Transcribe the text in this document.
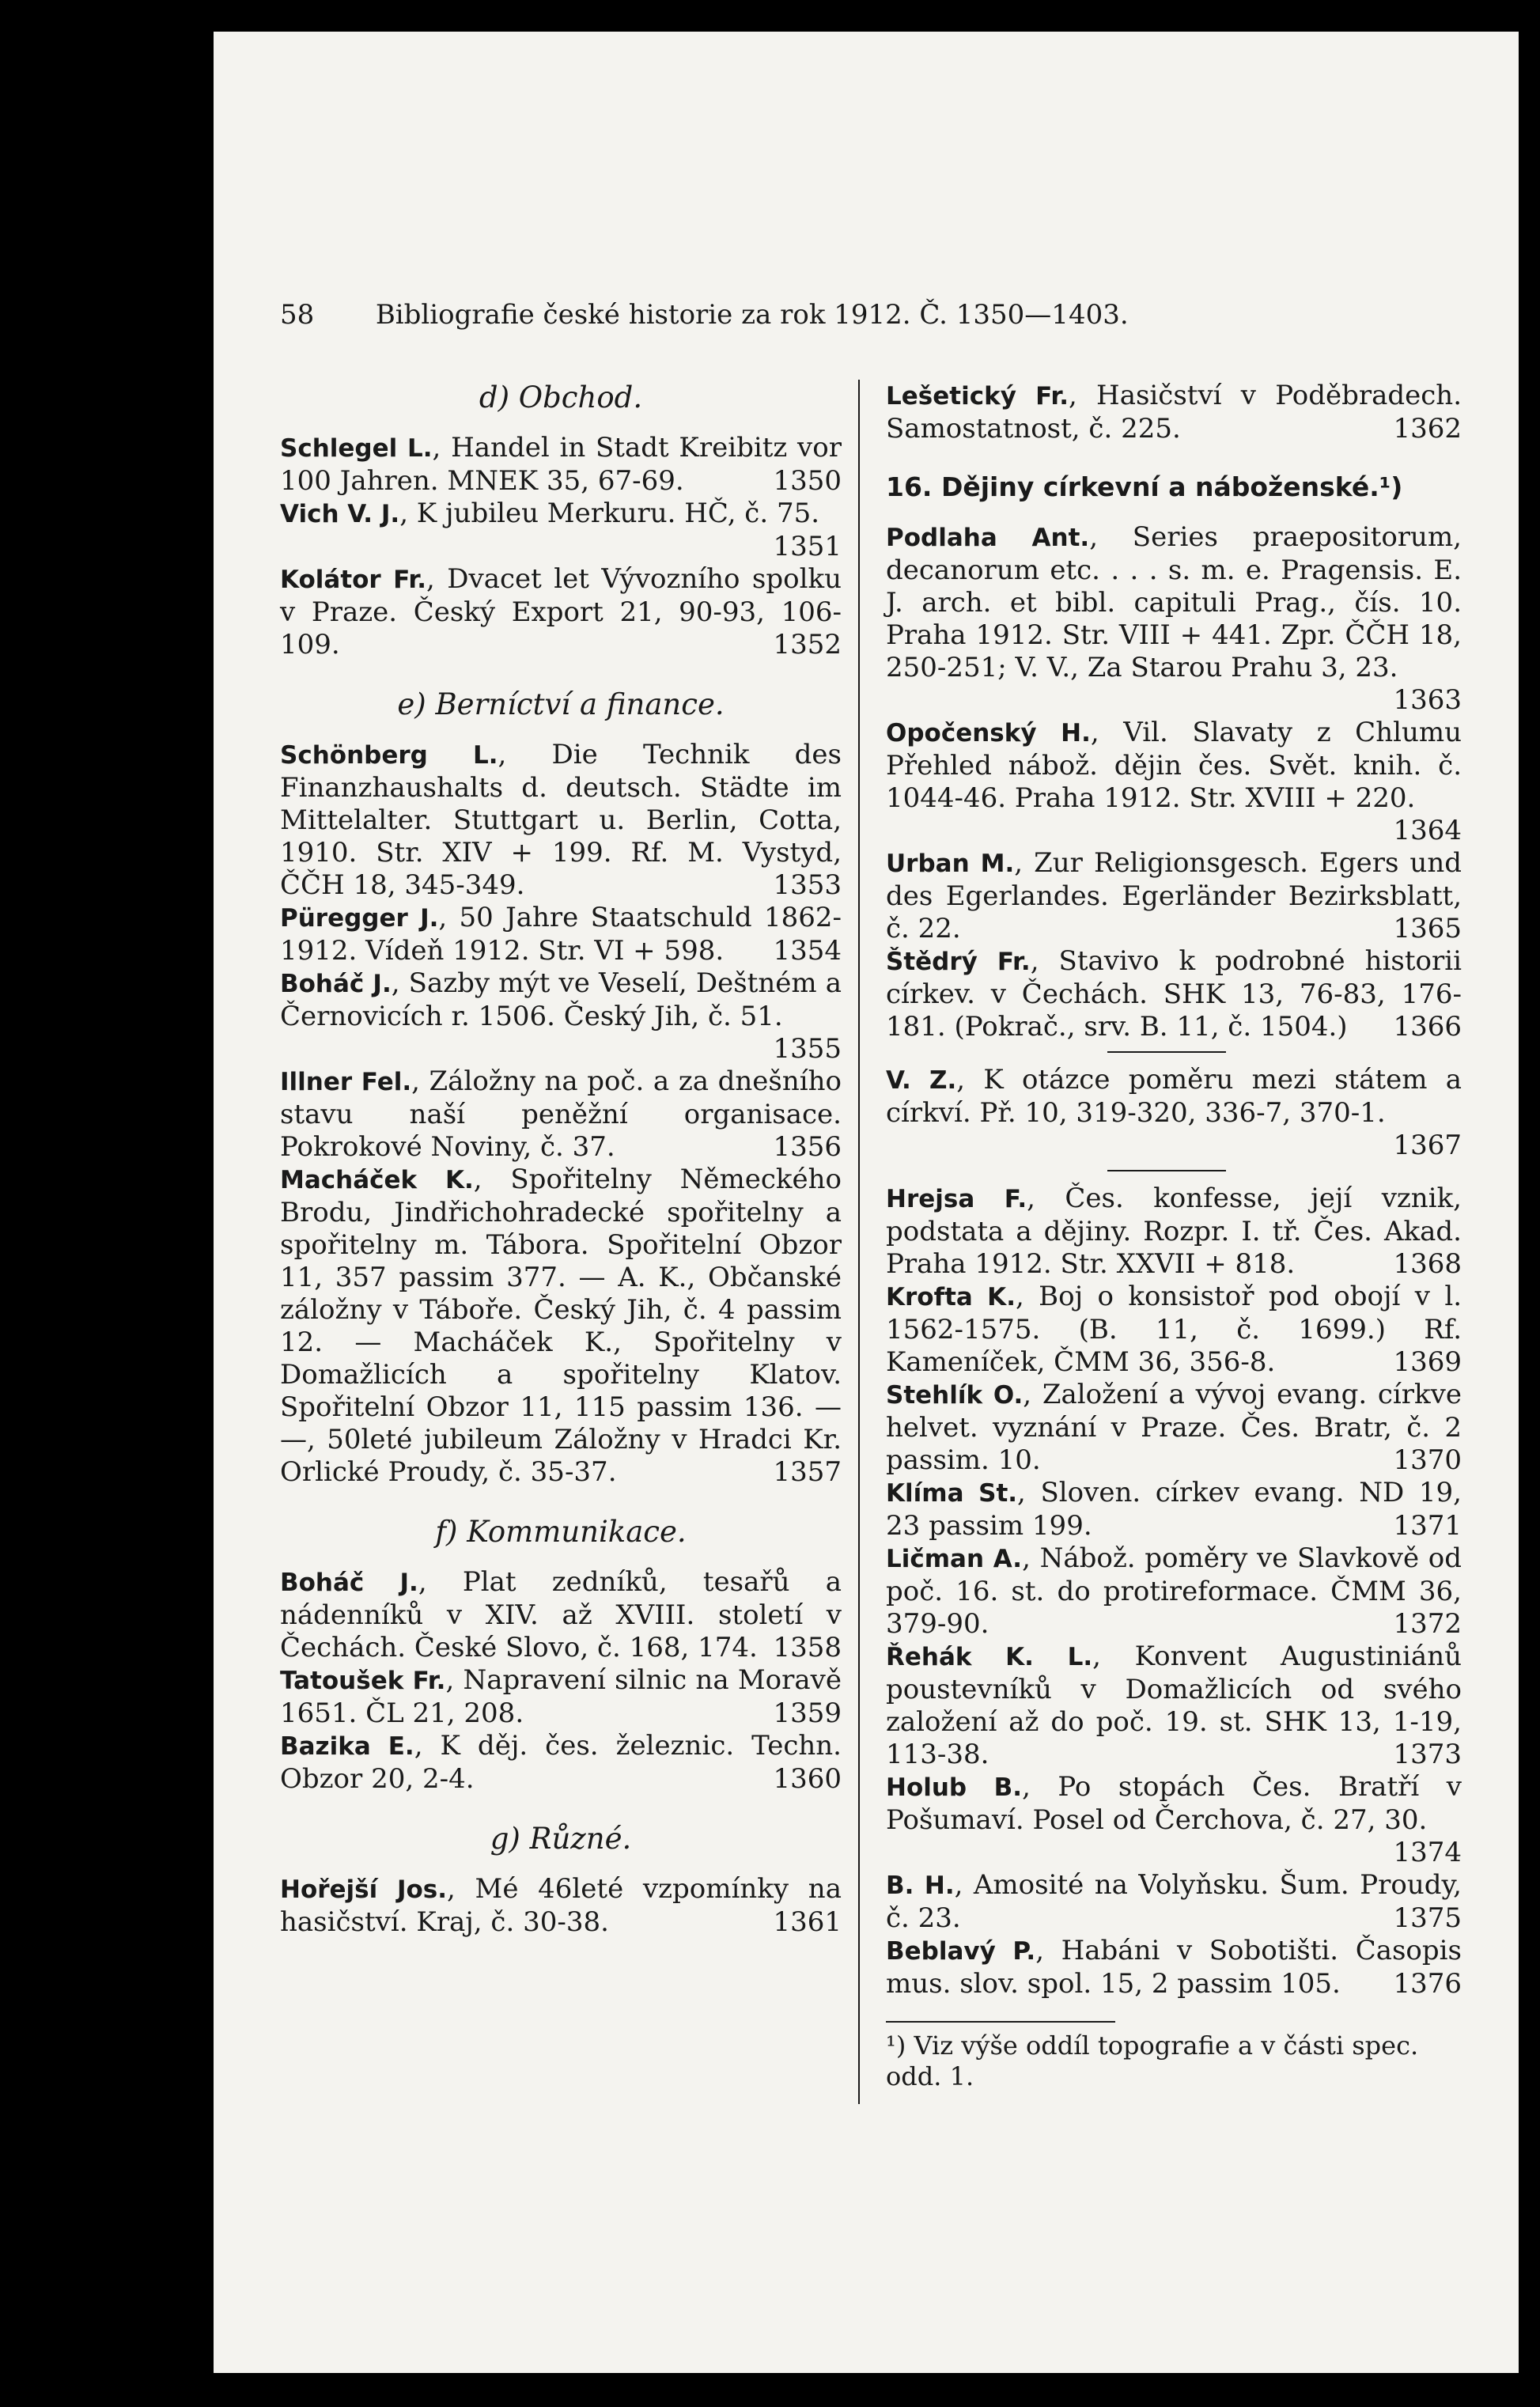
58 Bibliografie české historie za rok 1912. Č. 1350—1403.
d) Obchod.
Schlegel L., Handel in Stadt Kreibitz vor 100 Jahren. MNEK 35, 67-69.	1350
Vich V. J., K jubileu Merkuru. HČ, č. 75.
1351
Kolátor Fr., Dvacet let Vývozního spolku v Praze. Český Export 21, 90-93, 106-109.	1352
e) Berníctví a finance.
Schönberg L., Die Technik des Finanzhaushalts d. deutsch. Städte im Mittelalter. Stuttgart u. Berlin, Cotta, 1910. Str. XIV + 199. Rf. M. Vystyd, ČČH 18, 345-349.	1353
Püregger J., 50 Jahre Staatschuld 1862-1912. Vídeň 1912. Str. VI + 598. 1354
Boháč J., Sazby mýt ve Veselí, Deštném a Černovicích r. 1506. Český Jih, č. 51.
1355
Illner Fel., Záložny na poč. a za dnešního stavu naší peněžní organisace. Pokrokové Noviny, č. 37.	1356
Macháček K., Spořitelny Německého Brodu, Jindřichohradecké spořitelny a spořitelny m. Tábora. Spořitelní Obzor 11, 357 passim 377. — A. K., Občanské záložny v Táboře. Český Jih, č. 4 passim 12. — Macháček K., Spořitelny v Domažlicích a spořitelny Klatov. Spořitelní Obzor 11, 115 passim 136. — —, 50leté jubileum Záložny v Hradci Kr. Orlické Proudy, č. 35-37.	1357
f) Kommunikace.
Boháč J., Plat zedníků, tesařů a nádenníků v XIV. až XVIII. století v Čechách. České Slovo, č. 168, 174. 1358
Tatoušek Fr., Napravení silnic na Moravě 1651. ČL 21, 208.	1359
Bazika E., K děj. čes. železnic. Techn. Obzor 20, 2-4.	1360
g) Různé.
Hořejší Jos., Mé 46leté vzpomínky na hasičství. Kraj, č. 30-38.	1361
Lešetický Fr., Hasičství v Poděbradech. Samostatnost, č. 225.	1362
16. Dějiny církevní a náboženské.¹)
Podlaha Ant., Series praepositorum, decanorum etc. . . . s. m. e. Pragensis. E. J. arch. et bibl. capituli Prag., čís. 10. Praha 1912. Str. VIII + 441. Zpr. ČČH 18, 250-251; V. V., Za Starou Prahu 3, 23.
1363
Opočenský H., Vil. Slavaty z Chlumu Přehled nábož. dějin čes. Svět. knih. č. 1044-46. Praha 1912. Str. XVIII + 220.
1364
Urban M., Zur Religionsgesch. Egers und des Egerlandes. Egerländer Bezirksblatt, č. 22.	1365
Štědrý Fr., Stavivo k podrobné historii církev. v Čechách. SHK 13, 76-83, 176-181. (Pokrač., srv. B. 11, č. 1504.) 1366
V. Z., K otázce poměru mezi státem a církví. Př. 10, 319-320, 336-7, 370-1.
1367
Hrejsa F., Čes. konfesse, její vznik, podstata a dějiny. Rozpr. I. tř. Čes. Akad. Praha 1912. Str. XXVII + 818.	1368
Krofta K., Boj o konsistoř pod obojí v l. 1562-1575. (B. 11, č. 1699.) Rf. Kameníček, ČMM 36, 356-8.	1369
Stehlík O., Založení a vývoj evang. církve helvet. vyznání v Praze. Čes. Bratr, č. 2 passim. 10.	1370
Klíma St., Sloven. církev evang. ND 19, 23 passim 199.	1371
Ličman A., Nábož. poměry ve Slavkově od poč. 16. st. do protireformace. ČMM 36, 379-90.	1372
Řehák K. L., Konvent Augustiniánů poustevníků v Domažlicích od svého založení až do poč. 19. st. SHK 13, 1-19, 113-38.	1373
Holub B., Po stopách Čes. Bratří v Pošumaví. Posel od Čerchova, č. 27, 30.
1374
B. H., Amosité na Volyňsku. Šum. Proudy, č. 23.	1375
Beblavý P., Habáni v Sobotišti. Časopis mus. slov. spol. 15, 2 passim 105. 1376
¹) Viz výše oddíl topografie a v části spec. odd. 1.
